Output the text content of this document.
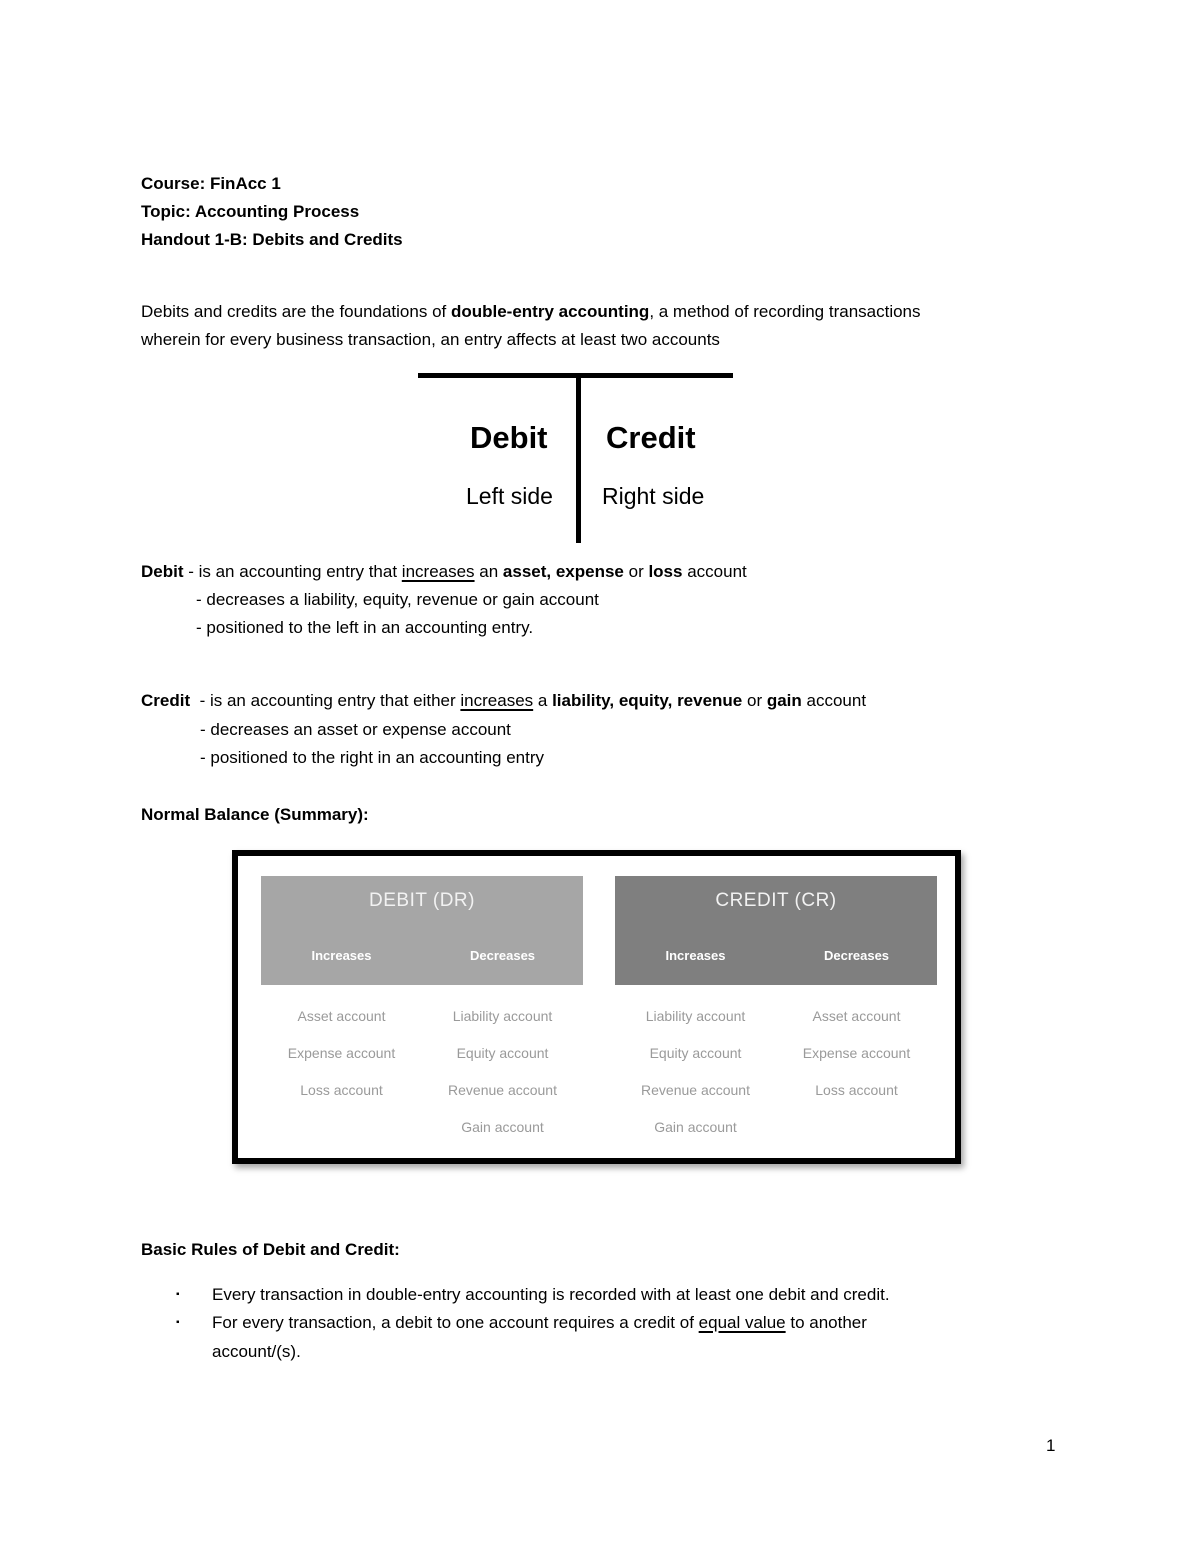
Course: FinAcc 1
Topic: Accounting Process
Handout 1-B: Debits and Credits
Debits and credits are the foundations of double-entry accounting, a method of recording transactions
wherein for every business transaction, an entry affects at least two accounts
Debit Credit
Left side Right side
Debit - is an accounting entry that increases an asset, expense or loss account
- decreases a liability, equity, revenue or gain account
- positioned to the left in an accounting entry.
Credit  - is an accounting entry that either increases a liability, equity, revenue or gain account
- decreases an asset or expense account
- positioned to the right in an accounting entry
Normal Balance (Summary):
DEBIT (DR)
Increases	Decreases
CREDIT (CR)
Increases	Decreases
Asset account
Expense account
Loss account
Liability account
Equity account
Revenue account
Gain account
Liability account
Equity account
Revenue account
Gain account
Asset account
Expense account
Loss account
Basic Rules of Debit and Credit:
▪ Every transaction in double-entry accounting is recorded with at least one debit and credit.
▪ For every transaction, a debit to one account requires a credit of equal value to another
account/(s).
1
